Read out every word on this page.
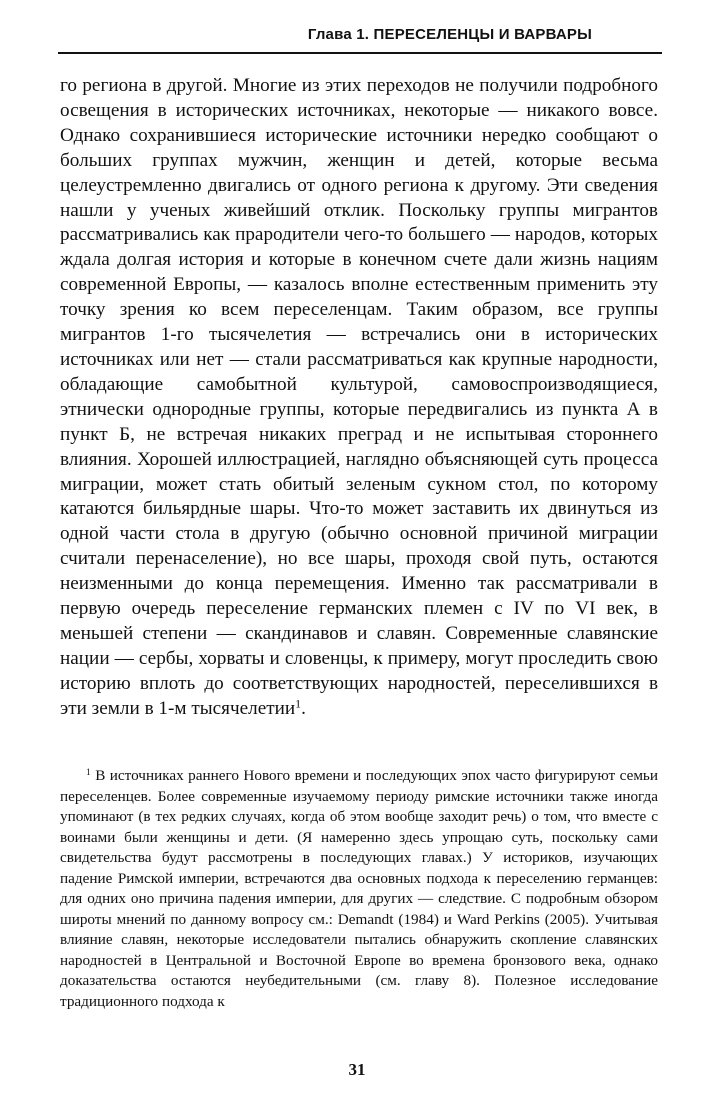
Глава 1. ПЕРЕСЕЛЕНЦЫ И ВАРВАРЫ

го региона в другой. Многие из этих переходов не получили подробного освещения в исторических источниках, некоторые — никакого вовсе. Однако сохранившиеся исторические источники нередко сообщают о больших группах мужчин, женщин и детей, которые весьма целеустремленно двигались от одного региона к другому. Эти сведения нашли у ученых живейший отклик. Поскольку группы мигрантов рассматривались как прародители чего-то большего — народов, которых ждала долгая история и которые в конечном счете дали жизнь нациям современной Европы, — казалось вполне естественным применить эту точку зрения ко всем переселенцам. Таким образом, все группы мигрантов 1-го тысячелетия — встречались они в исторических источниках или нет — стали рассматриваться как крупные народности, обладающие самобытной культурой, самовоспроизводящиеся, этнически однородные группы, которые передвигались из пункта А в пункт Б, не встречая никаких преград и не испытывая стороннего влияния. Хорошей иллюстрацией, наглядно объясняющей суть процесса миграции, может стать обитый зеленым сукном стол, по которому катаются бильярдные шары. Что-то может заставить их двинуться из одной части стола в другую (обычно основной причиной миграции считали перенаселение), но все шары, проходя свой путь, остаются неизменными до конца перемещения. Именно так рассматривали в первую очередь переселение германских племен с IV по VI век, в меньшей степени — скандинавов и славян. Современные славянские нации — сербы, хорваты и словенцы, к примеру, могут проследить свою историю вплоть до соответствующих народностей, переселившихся в эти земли в 1-м тысячелетии$^1$.

$^1$ В источниках раннего Нового времени и последующих эпох часто фигурируют семьи переселенцев. Более современные изучаемому периоду римские источники также иногда упоминают (в тех редких случаях, когда об этом вообще заходит речь) о том, что вместе с воинами были женщины и дети. (Я намеренно здесь упрощаю суть, поскольку сами свидетельства будут рассмотрены в последующих главах.) У историков, изучающих падение Римской империи, встречаются два основных подхода к переселению германцев: для одних оно причина падения империи, для других — следствие. С подробным обзором широты мнений по данному вопросу см.: Demandt (1984) и Ward Perkins (2005). Учитывая влияние славян, некоторые исследователи пытались обнаружить скопление славянских народностей в Центральной и Восточной Европе во времена бронзового века, однако доказательства остаются неубедительными (см. главу 8). Полезное исследование традиционного подхода к

31
